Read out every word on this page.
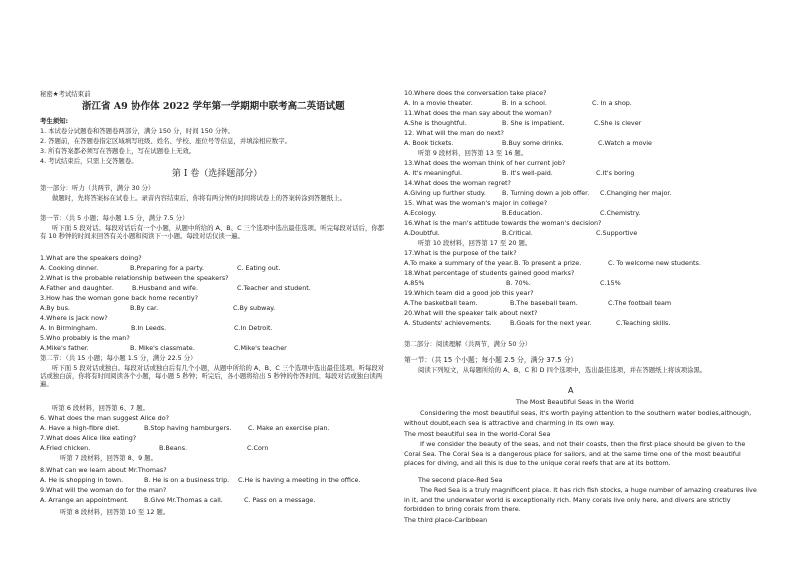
秘密★考试结束前
浙江省 A9 协作体 2022 学年第一学期期中联考高二英语试题
考生须知:
1. 本试卷分试题卷和答题卷两部分，满分 150 分，时间 150 分钟。
2. 答题前，在答题卷指定区域填写班级、姓名、学校、座位号等信息，并填涂相应数字。
3. 所有答案都必须写在答题卷上，写在试题卷上无效。
4. 考试结束后，只需上交答题卷。
第 Ⅰ 卷（选择题部分）
第一部分：听力（共两节，满分 30 分）
做题时，先将答案标在试卷上。录音内容结束后，你将有两分钟的时间将试卷上的答案转涂到答题纸上。
第一节：（共 5 小题；每小题 1.5 分，满分 7.5 分）
听下面 5 段对话。每段对话后有一个小题，从题中所给的 A、B、C 三个选项中选出最佳选项。听完每段对话后，你都有 10 秒钟的时间来回答有关小题和阅读下一小题。每段对话仅读一遍。
1.What are the speakers doing?
A. Cooking dinner.	B.Preparing for a party.	C. Eating out.
2.What is the probable relationship between the speakers?
A.Father and daughter.	B.Husband and wife.	C.Teacher and student.
3.How has the woman gone back home recently?
A.By bus.	B.By car.	C.By subway.
4.Where is Jack now?
A. In Birmingham.	B.In Leeds.	C.In Detroit.
5.Who probably is the man?
A.Mike's father.	B. Mike's classmate.	C.Mike's teacher
第二节：（共 15 小题；每小题 1.5 分，满分 22.5 分）
听下面 5 段对话或独白。每段对话或独白后有几个小题，从题中所给的 A、B、C 三个选项中选出最佳选项。听每段对话或独白前，你将有时间阅读各个小题，每小题 5 秒钟；听完后，各小题将给出 5 秒钟的作答时间。每段对话或独白读两遍。
听第 6 段材料，回答第 6、7 题。
6. What does the man suggest Alice do?
A. Have a high-fibre diet.	B.Stop having hamburgers.	C. Make an exercise plan.
7.What does Alice like eating?
A.Fried chicken.	B.Beans.	C.Corn
听第 7 段材料，回答第 8、9 题。
8.What can we learn about Mr.Thomas?
A. He is shopping in town.	B. He is on a business trip. C.He is having a meeting in the office.
9.What will the woman do for the man?
A. Arrange an appointment. B.Give Mr.Thomas a call.	C. Pass on a message.
听第 8 段材料，回答第 10 至 12 题。
10.Where does the conversation take place?
A. In a movie theater.	B. In a school.	C. In a shop.
11.What does the man say about the woman?
A.She is thoughtful.	B. She is impatient.	C.She is clever
12. What will the man do next?
A. Book tickets.	B.Buy some drinks.	C.Watch a movie
听第 9 段材料，回答第 13 至 16 题。
13.What does the woman think of her current job?
A. It's meaningful.	B. It's well-paid.	C.It's boring
14.What does the woman regret?
A.Giving up further study.	B. Turning down a job offer. C.Changing her major.
15. What was the woman's major in college?
A.Ecology.	B.Education.	C.Chemistry.
16.What is the man's attitude towards the woman's decision?
A.Doubtful.	B.Critical.	C.Supportive
听第 10 段材料，回答第 17 至 20 题。
17.What is the purpose of the talk?
A.To make a summary of the year. B. To present a prize.	C. To welcome new students.
18.What percentage of students gained good marks?
A.85%	B. 70%.	C.15%
19.Which team did a good job this year?
A.The basketball team.	B.The baseball team.	C.The football team
20.What will the speaker talk about next?
A. Students' achievements.	B.Goals for the next year.	C.Teaching skills.
第二部分：阅读理解（共两节，满分 50 分）
第一节：（共 15 个小题；每小题 2.5 分，满分 37.5 分）
阅读下列短文，从每题所给的 A、B、C 和 D 四个选项中，选出最佳选项，并在答题纸上将该项涂黑。
A
The Most Beautiful Seas in the World
Considering the most beautiful seas, it's worth paying attention to the southern water bodies,although, without doubt,each sea is attractive and charming in its own way.
The most beautiful sea in the world-Coral Sea
If we consider the beauty of the seas, and not their coasts, then the first place should be given to the Coral Sea. The Coral Sea is a dangerous place for sailors, and at the same time one of the most beautiful places for diving, and all this is due to the unique coral reefs that are at its bottom.
The second place-Red Sea
The Red Sea is a truly magnificent place. It has rich fish stocks, a huge number of amazing creatures live in it, and the underwater world is exceptionally rich. Many corals live only here, and divers are strictly forbidden to bring corals from there.
The third place-Caribbean
